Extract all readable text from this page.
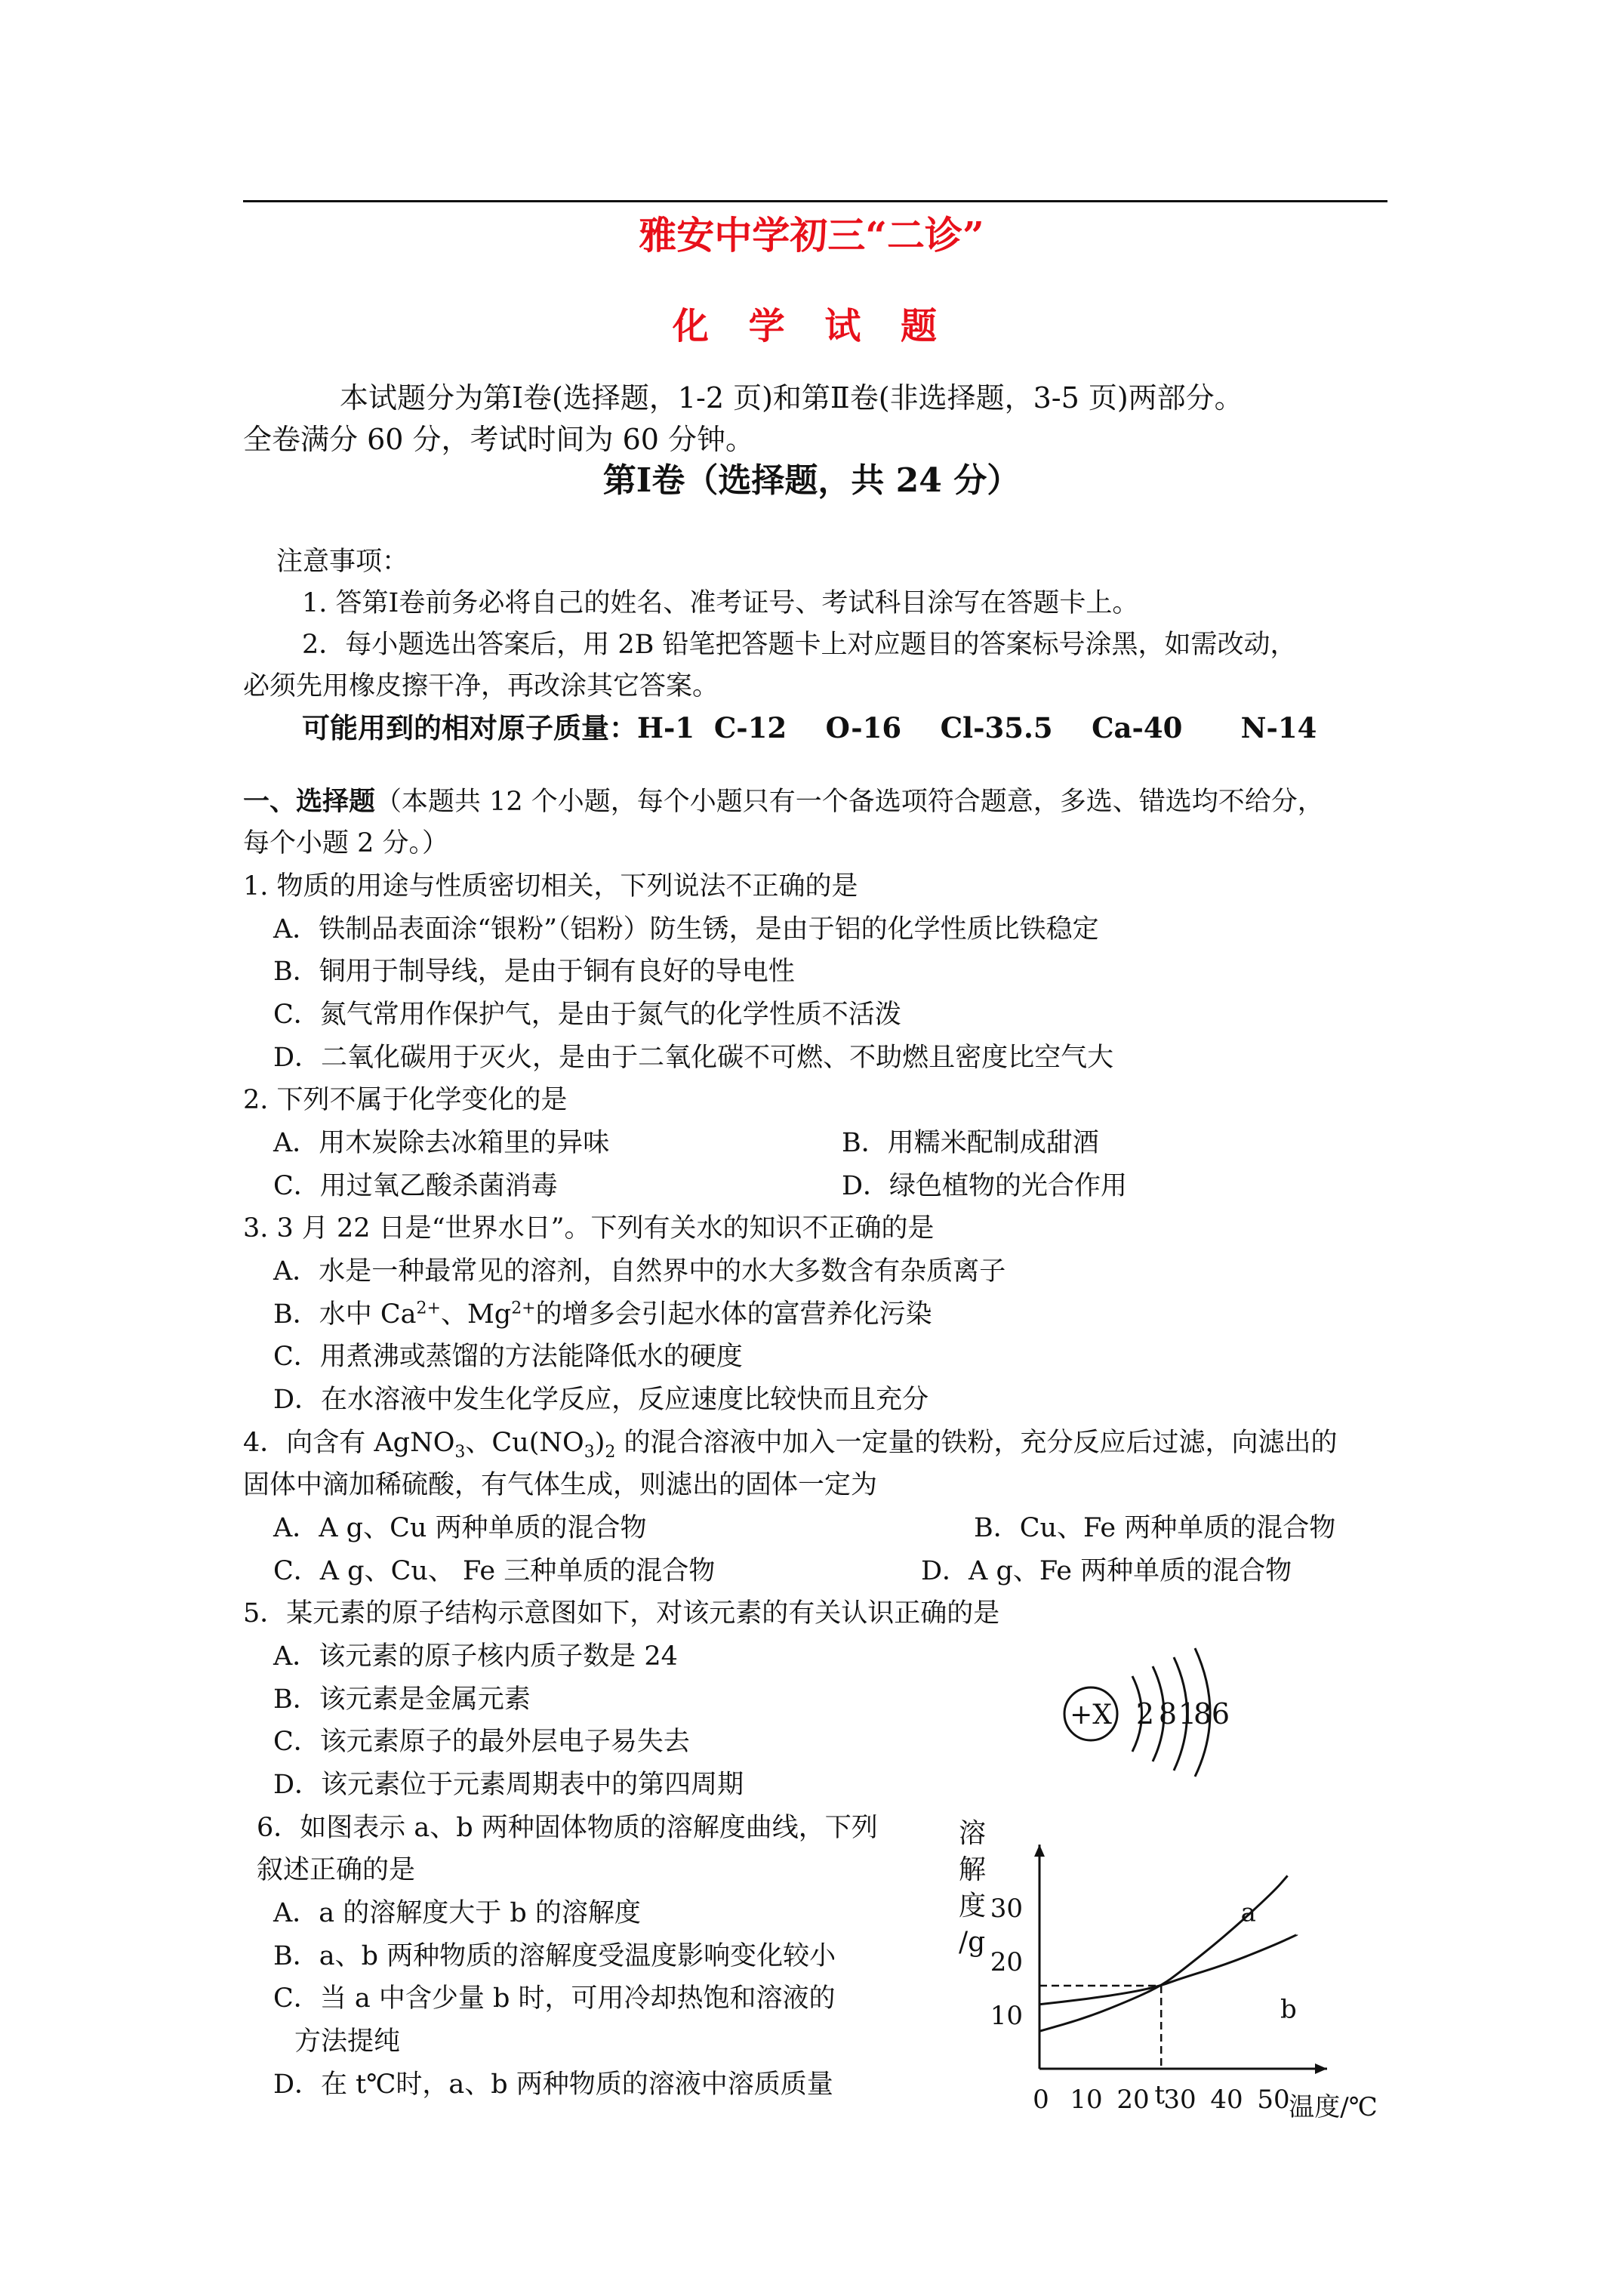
雅安中学初三“二诊”
化 学 试 题
本试题分为第Ⅰ卷(选择题，1-2 页)和第Ⅱ卷(非选择题，3-5 页)两部分。
全卷满分 60 分，考试时间为 60 分钟。
第Ⅰ卷（选择题，共 24 分）
注意事项：
1. 答第Ⅰ卷前务必将自己的姓名、准考证号、考试科目涂写在答题卡上。
2．每小题选出答案后，用 2B 铅笔把答题卡上对应题目的答案标号涂黑，如需改动，
必须先用橡皮擦干净，再改涂其它答案。
可能用到的相对原子质量：H-1  C-12    O-16    Cl-35.5    Ca-40      N-14
一、选择题（本题共 12 个小题，每个小题只有一个备选项符合题意，多选、错选均不给分，
每个小题 2 分。）
1. 物质的用途与性质密切相关，下列说法不正确的是
A．铁制品表面涂“银粉”（铝粉）防生锈，是由于铝的化学性质比铁稳定
B．铜用于制导线，是由于铜有良好的导电性
C．氮气常用作保护气，是由于氮气的化学性质不活泼
D．二氧化碳用于灭火，是由于二氧化碳不可燃、不助燃且密度比空气大
2. 下列不属于化学变化的是
A．用木炭除去冰箱里的异味	B．用糯米配制成甜酒
C．用过氧乙酸杀菌消毒	D．绿色植物的光合作用
3. 3 月 22 日是“世界水日”。下列有关水的知识不正确的是
A．水是一种最常见的溶剂，自然界中的水大多数含有杂质离子
B．水中 $Ca^{2+}$、$Mg^{2+}$的增多会引起水体的富营养化污染
C．用煮沸或蒸馏的方法能降低水的硬度
D．在水溶液中发生化学反应，反应速度比较快而且充分
4．向含有 AgNO$_3$、$Cu(NO_3)_2$ 的混合溶液中加入一定量的铁粉，充分反应后过滤，向滤出的
固体中滴加稀硫酸，有气体生成，则滤出的固体一定为
A．A g、Cu 两种单质的混合物	B．Cu、Fe 两种单质的混合物
C．A g、Cu、 Fe 三种单质的混合物	D．A g、Fe 两种单质的混合物
5．某元素的原子结构示意图如下，对该元素的有关认识正确的是
A．该元素的原子核内质子数是 24
B．该元素是金属元素
C．该元素原子的最外层电子易失去
D．该元素位于元素周期表中的第四周期
+X 2 8 18 6
6．如图表示 a、b 两种固体物质的溶解度曲线，下列
叙述正确的是
A．a 的溶解度大于 b 的溶解度
B．a、b 两种物质的溶解度受温度影响变化较小
C．当 a 中含少量 b 时，可用冷却热饱和溶液的
方法提纯
D．在 t℃时，a、b 两种物质的溶液中溶质质量
溶
解
度
/g
10
20
30
0 10 20 30 40 50
t	温度/℃
a
b
